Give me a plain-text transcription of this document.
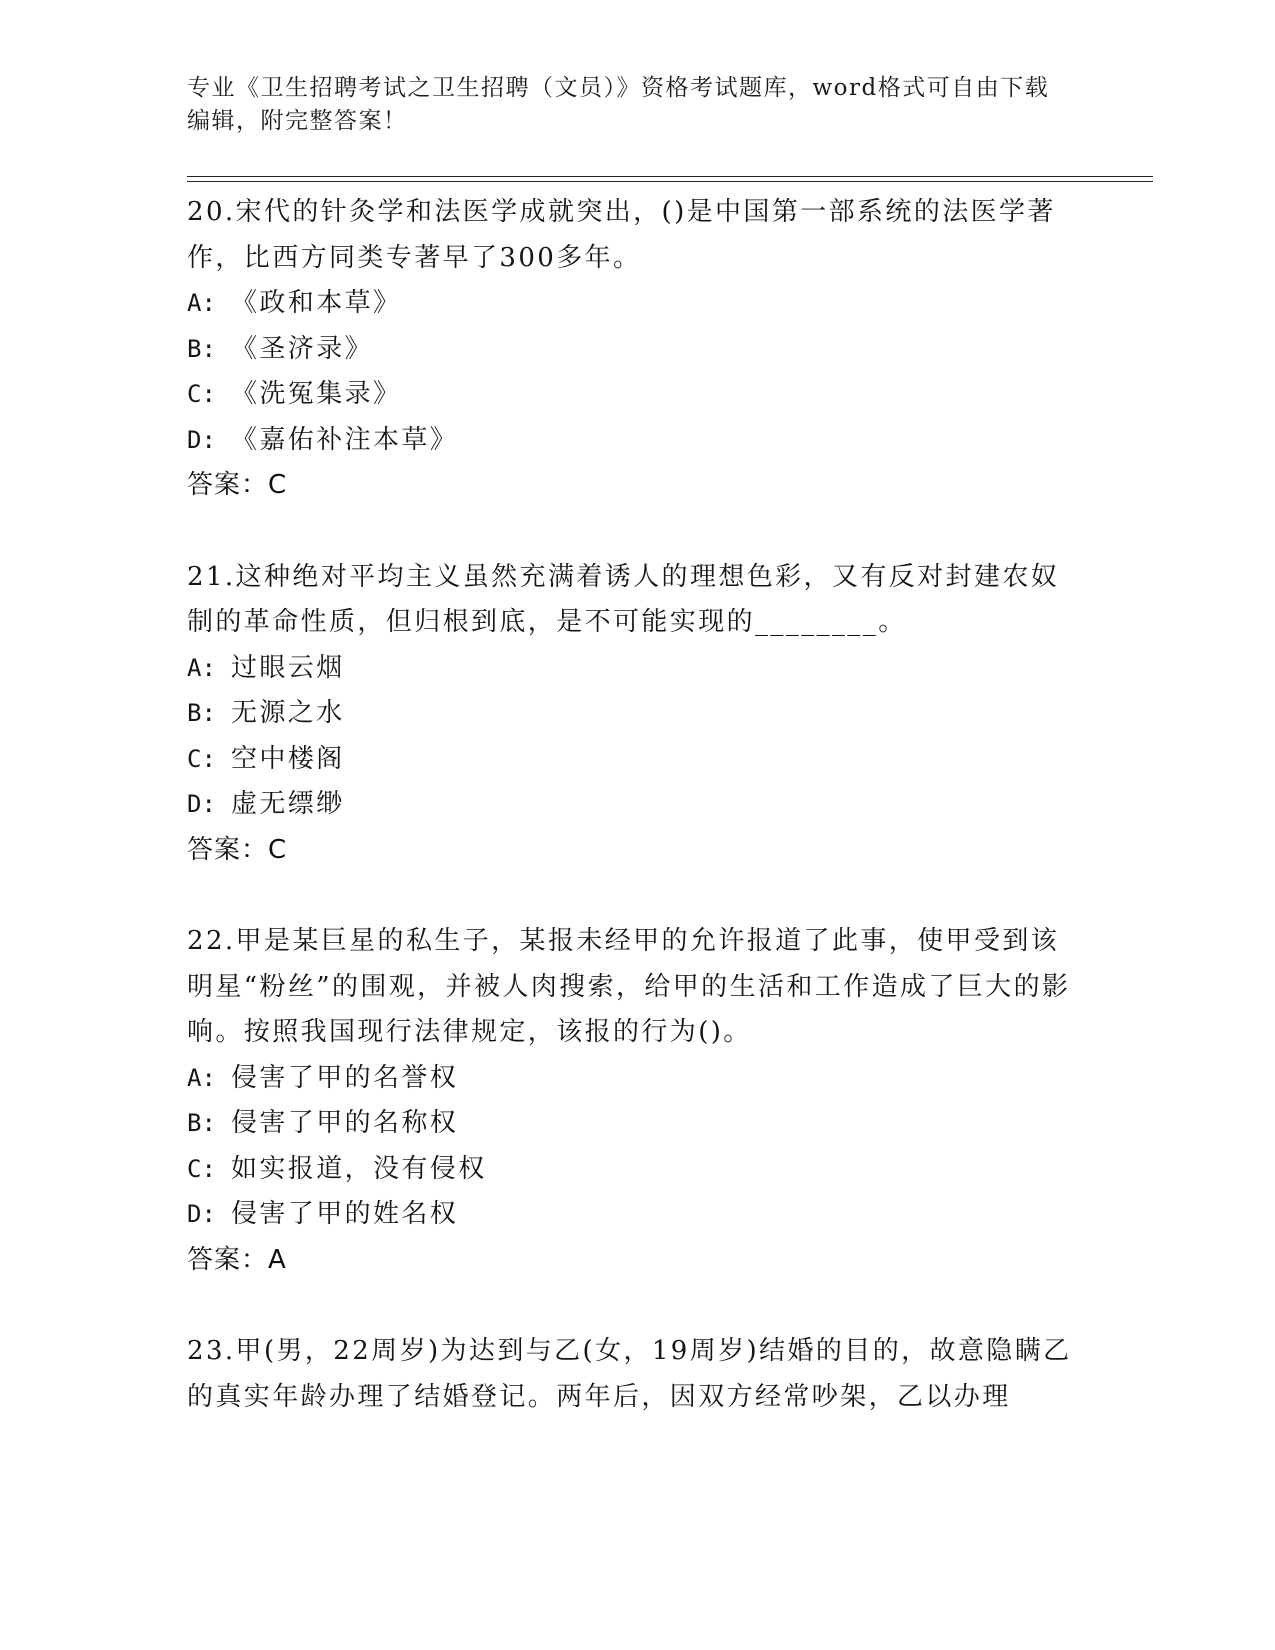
专业《卫生招聘考试之卫生招聘（文员）》资格考试题库，word格式可自由下载编辑，附完整答案！

20.宋代的针灸学和法医学成就突出，()是中国第一部系统的法医学著作，比西方同类专著早了300多年。

A: 《政和本草》
B: 《圣济录》
C: 《洗冤集录》
D: 《嘉佑补注本草》

答案：C

21.这种绝对平均主义虽然充满着诱人的理想色彩，又有反对封建农奴制的革命性质，但归根到底，是不可能实现的________。

A: 过眼云烟
B: 无源之水
C: 空中楼阁
D: 虚无缥缈

答案：C

22.甲是某巨星的私生子，某报未经甲的允许报道了此事，使甲受到该明星“粉丝”的围观，并被人肉搜索，给甲的生活和工作造成了巨大的影响。按照我国现行法律规定，该报的行为()。

A: 侵害了甲的名誉权
B: 侵害了甲的名称权
C: 如实报道，没有侵权
D: 侵害了甲的姓名权

答案：A

23.甲(男，22周岁)为达到与乙(女，19周岁)结婚的目的，故意隐瞒乙的真实年龄办理了结婚登记。两年后，因双方经常吵架，乙以办理
